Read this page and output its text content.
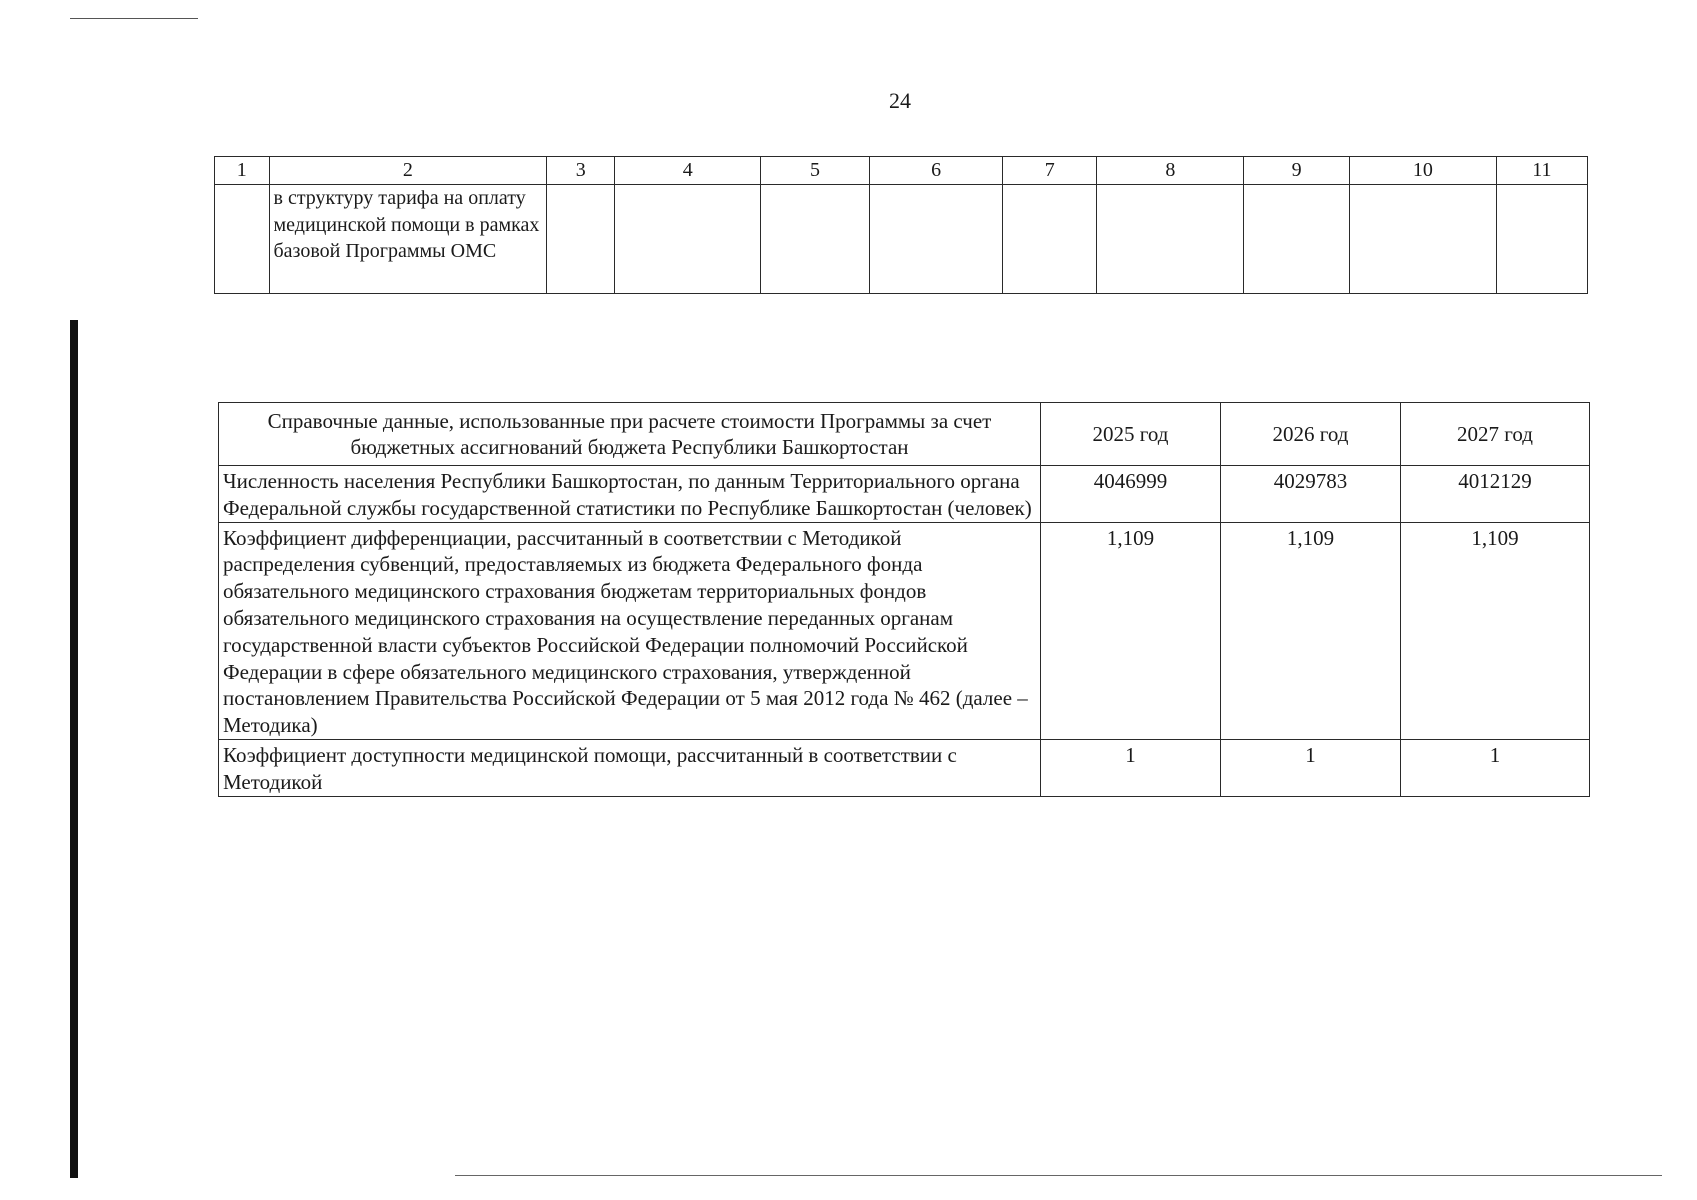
24
1	2	3	4	5	6	7	8	9	10	11
	в структуру тарифа на оплату медицинской помощи в рамках базовой Программы ОМС									
Справочные данные, использованные при расчете стоимости Программы за счет бюджетных ассигнований бюджета Республики Башкортостан	2025 год	2026 год	2027 год
Численность населения Республики Башкортостан, по данным Территориального органа Федеральной службы государственной статистики по Республике Башкортостан (человек)	4046999	4029783	4012129
Коэффициент дифференциации, рассчитанный в соответствии с Методикой распределения субвенций, предоставляемых из бюджета Федерального фонда обязательного медицинского страхования бюджетам территориальных фондов обязательного медицинского страхования на осуществление переданных органам государственной власти субъектов Российской Федерации полномочий Российской Федерации в сфере обязательного медицинского страхования, утвержденной постановлением Правительства Российской Федерации от 5 мая 2012 года № 462 (далее – Методика)	1,109	1,109	1,109
Коэффициент доступности медицинской помощи, рассчитанный в соответствии с Методикой	1	1	1
